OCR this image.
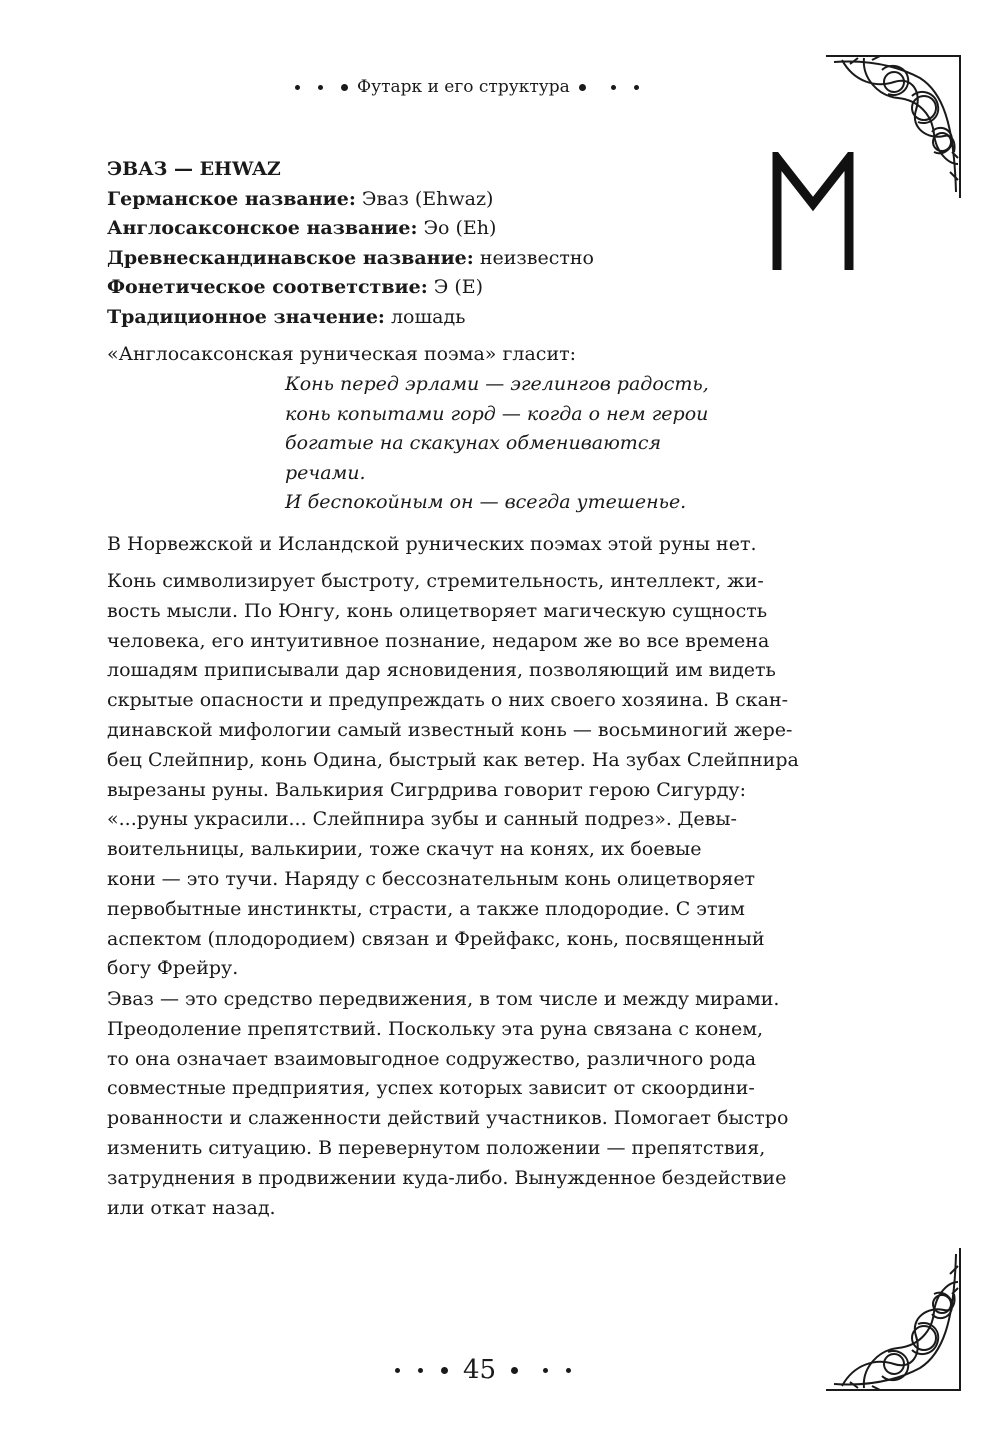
Футарк и его структура
ЭВАЗ — EHWAZ
Германское название: Эваз (Ehwaz)
Англосаксонское название: Эо (Eh)
Древнескандинавское название: неизвестно
Фонетическое соответствие: Э (E)
Традиционное значение: лошадь
«Англосаксонская руническая поэма» гласит:
Конь перед эрлами — эгелингов радость,
конь копытами горд — когда о нем герои
богатые на скакунах обмениваются
речами.
И беспокойным он — всегда утешенье.
В Норвежской и Исландской рунических поэмах этой руны нет.
Конь символизирует быстроту, стремительность, интеллект, жи-
вость мысли. По Юнгу, конь олицетворяет магическую сущность
человека, его интуитивное познание, недаром же во все времена
лошадям приписывали дар ясновидения, позволяющий им видеть
скрытые опасности и предупреждать о них своего хозяина. В скан-
динавской мифологии самый известный конь — восьминогий жере-
бец Слейпнир, конь Одина, быстрый как ветер. На зубах Слейпнира
вырезаны руны. Валькирия Сигрдрива говорит герою Сигурду:
«...руны украсили... Слейпнира зубы и санный подрез». Девы-
воительницы, валькирии, тоже скачут на конях, их боевые
кони — это тучи. Наряду с бессознательным конь олицетворяет
первобытные инстинкты, страсти, а также плодородие. С этим
аспектом (плодородием) связан и Фрейфакс, конь, посвященный
богу Фрейру.
Эваз — это средство передвижения, в том числе и между мирами.
Преодоление препятствий. Поскольку эта руна связана с конем,
то она означает взаимовыгодное содружество, различного рода
совместные предприятия, успех которых зависит от скоордини-
рованности и слаженности действий участников. Помогает быстро
изменить ситуацию. В перевернутом положении — препятствия,
затруднения в продвижении куда-либо. Вынужденное бездействие
или откат назад.
45
